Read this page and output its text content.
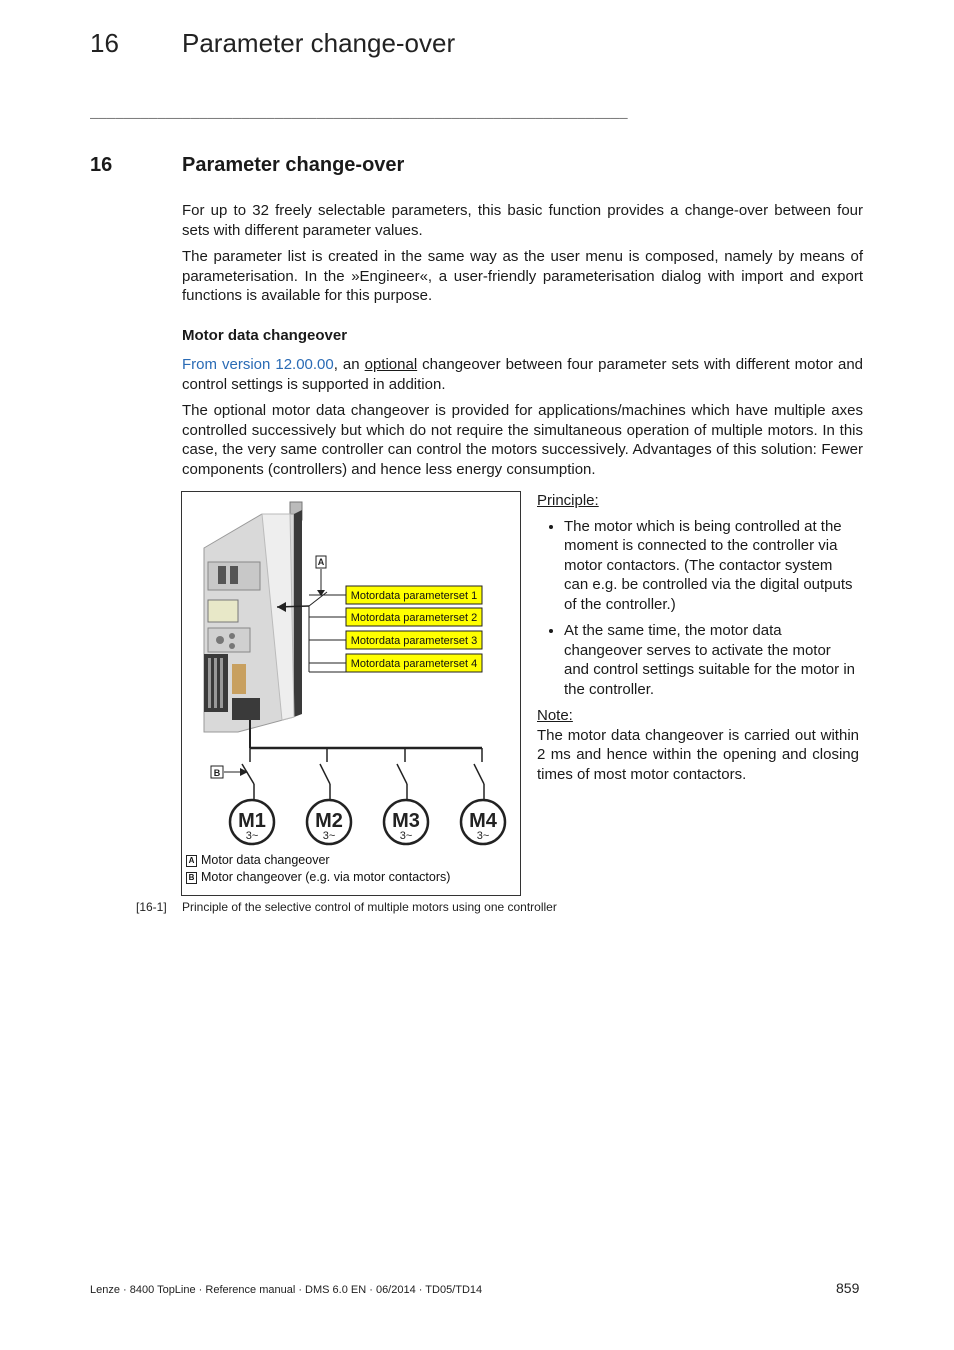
16 Parameter change-over
________________________________________________________________
16	Parameter change-over
For up to 32 freely selectable parameters, this basic function provides a change-over between four sets with different parameter values.
The parameter list is created in the same way as the user menu is composed, namely by means of parameterisation. In the »Engineer«, a user-friendly parameterisation dialog with import and export functions is available for this purpose.
Motor data changeover
From version 12.00.00, an optional changeover between four parameter sets with different motor and control settings is supported in addition.
The optional motor data changeover is provided for applications/machines which have multiple axes controlled successively but which do not require the simultaneous operation of multiple motors. In this case, the very same controller can control the motors successively. Advantages of this solution: Fewer components (controllers) and hence less energy consumption.
A
Motordata parameterset 1
Motordata parameterset 2
Motordata parameterset 3
Motordata parameterset 4
B
M1
3~
M2
3~
M3
3~
M4
3~
A Motor data changeover
B Motor changeover (e.g. via motor contactors)
Principle:
• The motor which is being controlled at the moment is connected to the controller via motor contactors. (The contactor system can e.g. be controlled via the digital outputs of the controller.)
• At the same time, the motor data changeover serves to activate the motor and control settings suitable for the motor in the controller.
Note:
The motor data changeover is carried out within 2 ms and hence within the opening and closing times of most motor contactors.
[16-1] Principle of the selective control of multiple motors using one controller
Lenze · 8400 TopLine · Reference manual · DMS 6.0 EN · 06/2014 · TD05/TD14	859
